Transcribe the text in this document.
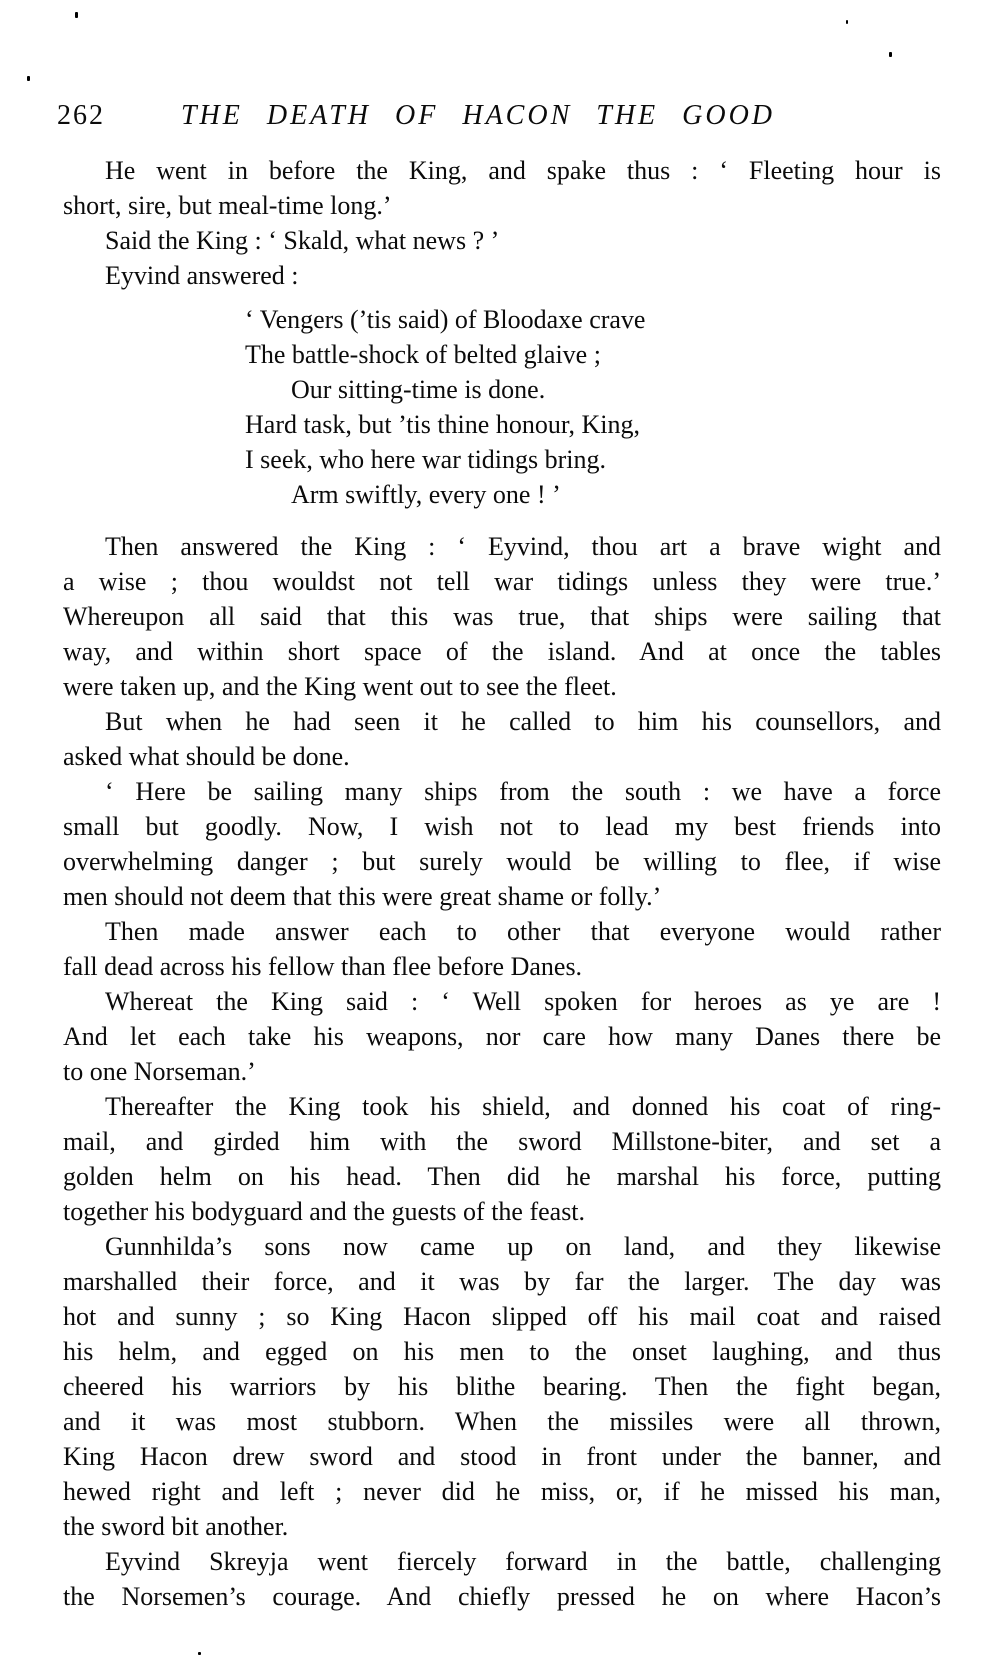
262	THE DEATH OF HACON THE GOOD
He went in before the King, and spake thus : ‘ Fleeting hour is
short, sire, but meal-time long.’
Said the King : ‘ Skald, what news ? ’
Eyvind answered :
‘ Vengers (’tis said) of Bloodaxe crave
The battle-shock of belted glaive ;
Our sitting-time is done.
Hard task, but ’tis thine honour, King,
I seek, who here war tidings bring.
Arm swiftly, every one ! ’
Then answered the King : ‘ Eyvind, thou art a brave wight and
a wise ; thou wouldst not tell war tidings unless they were true.’
Whereupon all said that this was true, that ships were sailing that
way, and within short space of the island. And at once the tables
were taken up, and the King went out to see the fleet.
But when he had seen it he called to him his counsellors, and
asked what should be done.
‘ Here be sailing many ships from the south : we have a force
small but goodly. Now, I wish not to lead my best friends into
overwhelming danger ; but surely would be willing to flee, if wise
men should not deem that this were great shame or folly.’
Then made answer each to other that everyone would rather
fall dead across his fellow than flee before Danes.
Whereat the King said : ‘ Well spoken for heroes as ye are !
And let each take his weapons, nor care how many Danes there be
to one Norseman.’
Thereafter the King took his shield, and donned his coat of ring-
mail, and girded him with the sword Millstone-biter, and set a
golden helm on his head. Then did he marshal his force, putting
together his bodyguard and the guests of the feast.
Gunnhilda’s sons now came up on land, and they likewise
marshalled their force, and it was by far the larger. The day was
hot and sunny ; so King Hacon slipped off his mail coat and raised
his helm, and egged on his men to the onset laughing, and thus
cheered his warriors by his blithe bearing. Then the fight began,
and it was most stubborn. When the missiles were all thrown,
King Hacon drew sword and stood in front under the banner, and
hewed right and left ; never did he miss, or, if he missed his man,
the sword bit another.
Eyvind Skreyja went fiercely forward in the battle, challenging
the Norsemen’s courage. And chiefly pressed he on where Hacon’s
